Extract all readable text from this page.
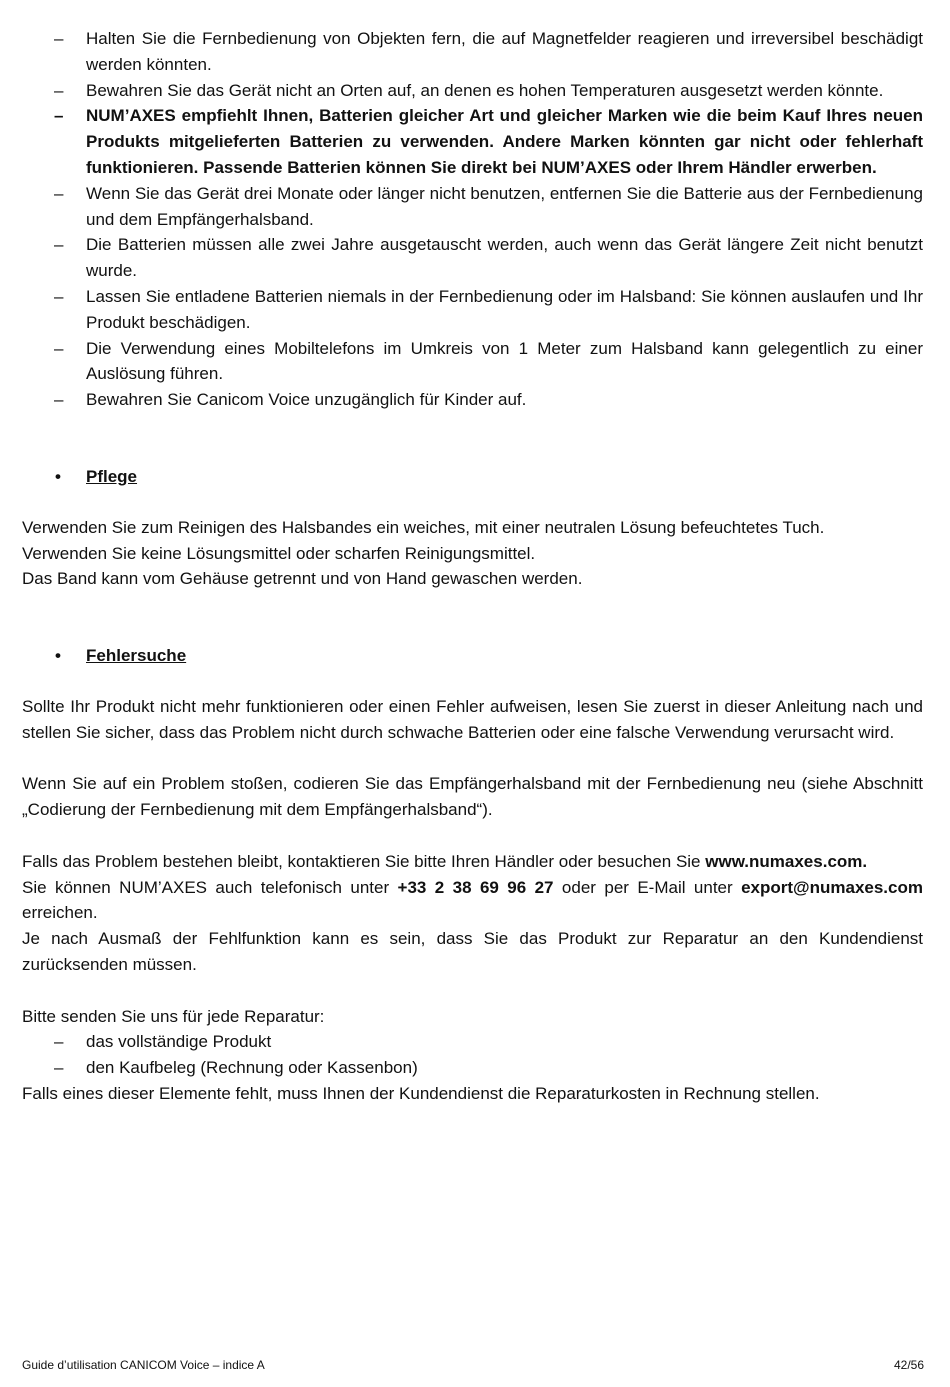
– Halten Sie die Fernbedienung von Objekten fern, die auf Magnetfelder reagieren und irreversibel beschädigt werden könnten.
– Bewahren Sie das Gerät nicht an Orten auf, an denen es hohen Temperaturen ausgesetzt werden könnte.
– NUM’AXES empfiehlt Ihnen, Batterien gleicher Art und gleicher Marken wie die beim Kauf Ihres neuen Produkts mitgelieferten Batterien zu verwenden. Andere Marken könnten gar nicht oder fehlerhaft funktionieren. Passende Batterien können Sie direkt bei NUM’AXES oder Ihrem Händler erwerben.
– Wenn Sie das Gerät drei Monate oder länger nicht benutzen, entfernen Sie die Batterie aus der Fernbedienung und dem Empfängerhalsband.
– Die Batterien müssen alle zwei Jahre ausgetauscht werden, auch wenn das Gerät längere Zeit nicht benutzt wurde.
– Lassen Sie entladene Batterien niemals in der Fernbedienung oder im Halsband: Sie können auslaufen und Ihr Produkt beschädigen.
– Die Verwendung eines Mobiltelefons im Umkreis von 1 Meter zum Halsband kann gelegentlich zu einer Auslösung führen.
– Bewahren Sie Canicom Voice unzugänglich für Kinder auf.
• Pflege

Verwenden Sie zum Reinigen des Halsbandes ein weiches, mit einer neutralen Lösung befeuchtetes Tuch.

Verwenden Sie keine Lösungsmittel oder scharfen Reinigungsmittel.

Das Band kann vom Gehäuse getrennt und von Hand gewaschen werden.

• Fehlersuche

Sollte Ihr Produkt nicht mehr funktionieren oder einen Fehler aufweisen, lesen Sie zuerst in dieser Anleitung nach und stellen Sie sicher, dass das Problem nicht durch schwache Batterien oder eine falsche Verwendung verursacht wird.

Wenn Sie auf ein Problem stoßen, codieren Sie das Empfängerhalsband mit der Fernbedienung neu (siehe Abschnitt „Codierung der Fernbedienung mit dem Empfängerhalsband“).

Falls das Problem bestehen bleibt, kontaktieren Sie bitte Ihren Händler oder besuchen Sie www.numaxes.com.

Sie können NUM’AXES auch telefonisch unter +33 2 38 69 96 27 oder per E-Mail unter export@numaxes.com erreichen.

Je nach Ausmaß der Fehlfunktion kann es sein, dass Sie das Produkt zur Reparatur an den Kundendienst zurücksenden müssen.

Bitte senden Sie uns für jede Reparatur:

– das vollständige Produkt
– den Kaufbeleg (Rechnung oder Kassenbon)

Falls eines dieser Elemente fehlt, muss Ihnen der Kundendienst die Reparaturkosten in Rechnung stellen.

Guide d’utilisation CANICOM Voice – indice A	42/56
